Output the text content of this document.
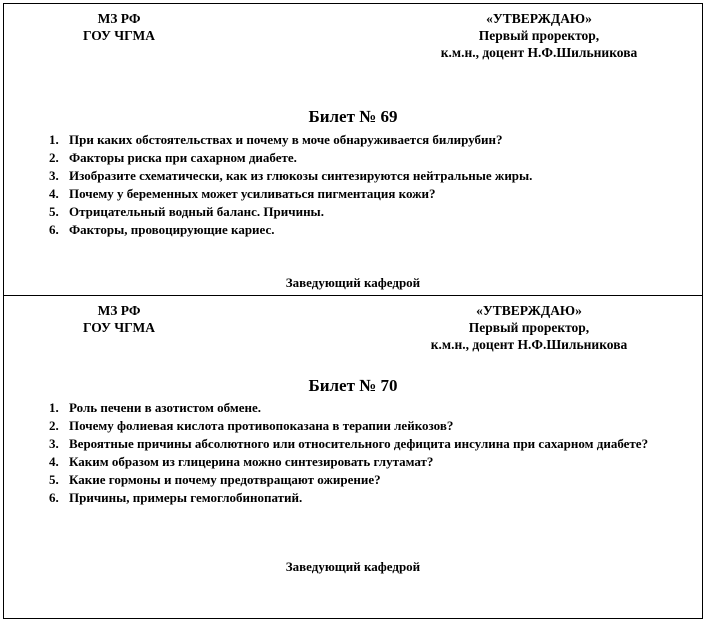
МЗ РФ
ГОУ ЧГМА
«УТВЕРЖДАЮ»
Первый проректор,
к.м.н., доцент Н.Ф.Шильникова
Билет № 69
1. При каких обстоятельствах и почему в моче обнаруживается билирубин?
2. Факторы риска при сахарном диабете.
3. Изобразите схематически, как из глюкозы синтезируются нейтральные жиры.
4. Почему у беременных может усиливаться пигментация кожи?
5. Отрицательный водный баланс. Причины.
6. Факторы, провоцирующие кариес.
Заведующий кафедрой
МЗ РФ
ГОУ ЧГМА
«УТВЕРЖДАЮ»
Первый проректор,
к.м.н., доцент Н.Ф.Шильникова
Билет № 70
1. Роль печени в азотистом обмене.
2. Почему фолиевая кислота противопоказана в терапии лейкозов?
3. Вероятные причины абсолютного или относительного дефицита инсулина при сахарном диабете?
4. Каким образом из глицерина можно синтезировать глутамат?
5. Какие гормоны и почему предотвращают ожирение?
6. Причины, примеры гемоглобинопатий.
Заведующий кафедрой
